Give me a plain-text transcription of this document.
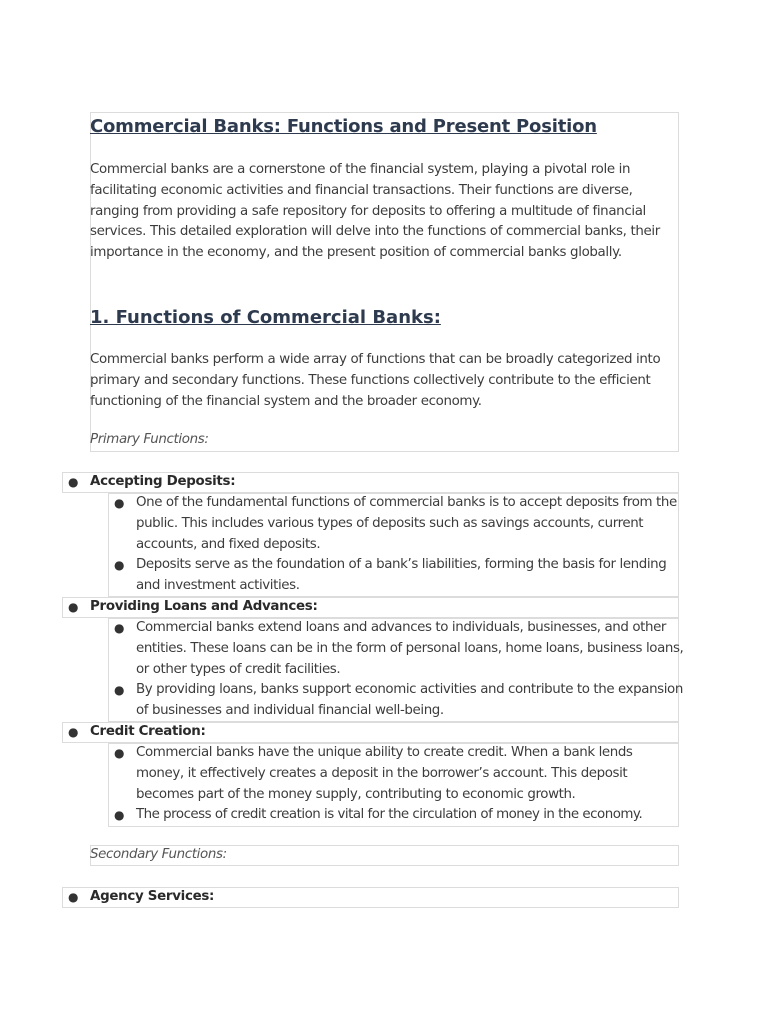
Commercial Banks: Functions and Present Position

Commercial banks are a cornerstone of the financial system, playing a pivotal role in facilitating economic activities and financial transactions. Their functions are diverse, ranging from providing a safe repository for deposits to offering a multitude of financial services. This detailed exploration will delve into the functions of commercial banks, their importance in the economy, and the present position of commercial banks globally.

1. Functions of Commercial Banks:

Commercial banks perform a wide array of functions that can be broadly categorized into primary and secondary functions. These functions collectively contribute to the efficient functioning of the financial system and the broader economy.

Primary Functions:

● Accepting Deposits:

● One of the fundamental functions of commercial banks is to accept deposits from the public. This includes various types of deposits such as savings accounts, current accounts, and fixed deposits.

● Deposits serve as the foundation of a bank’s liabilities, forming the basis for lending and investment activities.

● Providing Loans and Advances:

● Commercial banks extend loans and advances to individuals, businesses, and other entities. These loans can be in the form of personal loans, home loans, business loans, or other types of credit facilities.

● By providing loans, banks support economic activities and contribute to the expansion of businesses and individual financial well-being.

● Credit Creation:

● Commercial banks have the unique ability to create credit. When a bank lends money, it effectively creates a deposit in the borrower’s account. This deposit becomes part of the money supply, contributing to economic growth.

● The process of credit creation is vital for the circulation of money in the economy.

Secondary Functions:

● Agency Services:
